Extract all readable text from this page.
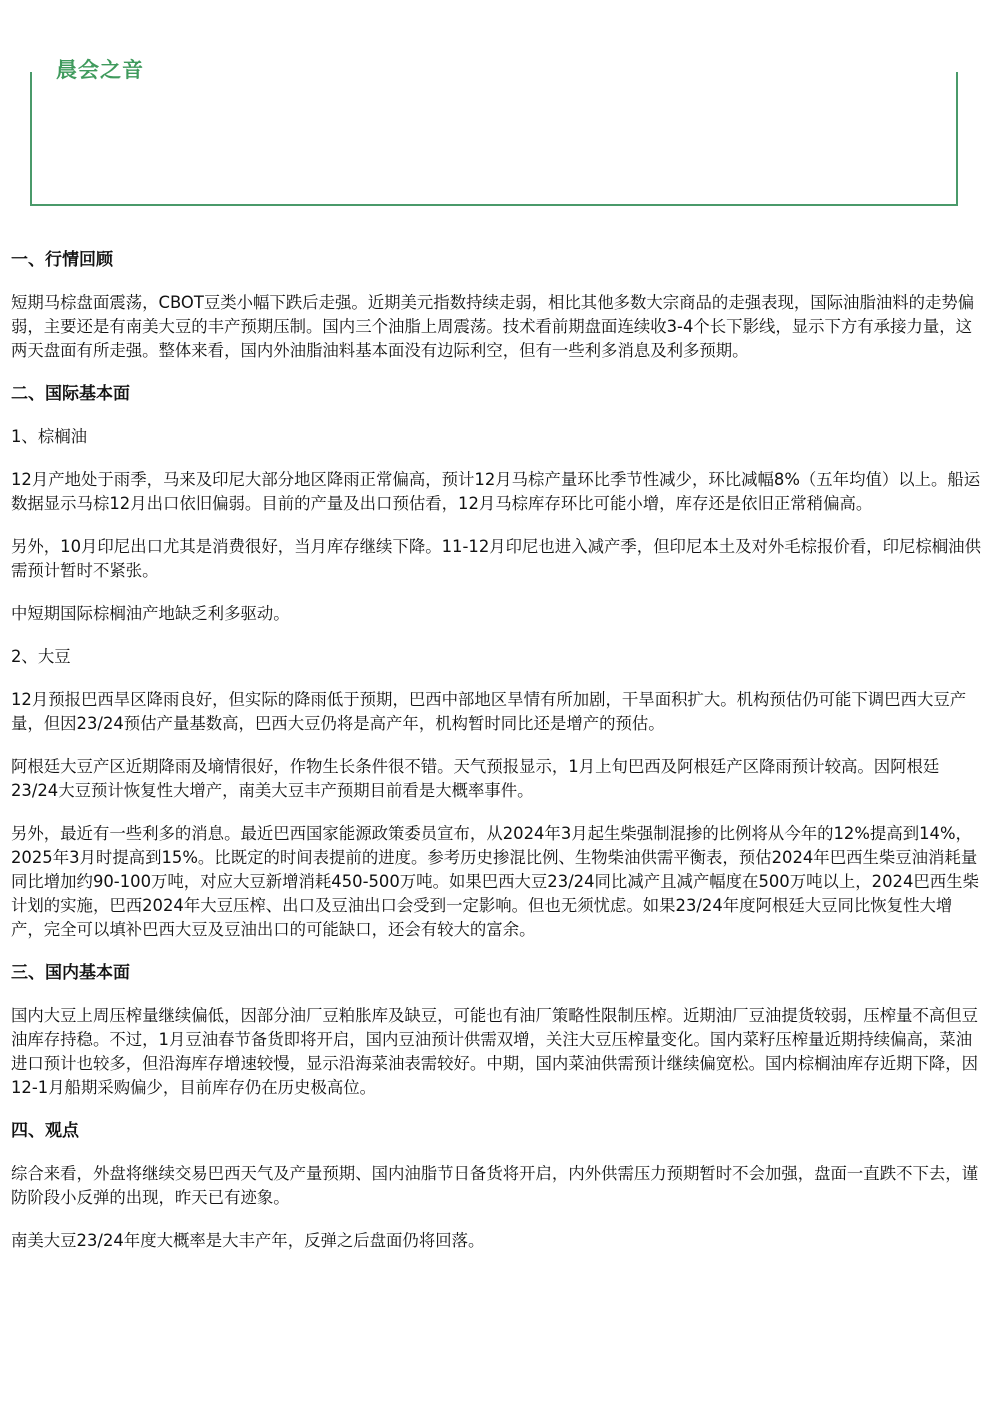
晨会之音
一、行情回顾

短期马棕盘面震荡，CBOT豆类小幅下跌后走强。近期美元指数持续走弱，相比其他多数大宗商品的走强表现，国际油脂油料的走势偏弱，主要还是有南美大豆的丰产预期压制。国内三个油脂上周震荡。技术看前期盘面连续收3-4个长下影线，显示下方有承接力量，这两天盘面有所走强。整体来看，国内外油脂油料基本面没有边际利空，但有一些利多消息及利多预期。

二、国际基本面

1、棕榈油

12月产地处于雨季，马来及印尼大部分地区降雨正常偏高，预计12月马棕产量环比季节性减少，环比减幅8%（五年均值）以上。船运数据显示马棕12月出口依旧偏弱。目前的产量及出口预估看，12月马棕库存环比可能小增，库存还是依旧正常稍偏高。

另外，10月印尼出口尤其是消费很好，当月库存继续下降。11-12月印尼也进入减产季，但印尼本土及对外毛棕报价看，印尼棕榈油供需预计暂时不紧张。

中短期国际棕榈油产地缺乏利多驱动。

2、大豆

12月预报巴西旱区降雨良好，但实际的降雨低于预期，巴西中部地区旱情有所加剧，干旱面积扩大。机构预估仍可能下调巴西大豆产量，但因23/24预估产量基数高，巴西大豆仍将是高产年，机构暂时同比还是增产的预估。

阿根廷大豆产区近期降雨及墒情很好，作物生长条件很不错。天气预报显示，1月上旬巴西及阿根廷产区降雨预计较高。因阿根廷23/24大豆预计恢复性大增产，南美大豆丰产预期目前看是大概率事件。

另外，最近有一些利多的消息。最近巴西国家能源政策委员宣布，从2024年3月起生柴强制混掺的比例将从今年的12%提高到14%，2025年3月时提高到15%。比既定的时间表提前的进度。参考历史掺混比例、生物柴油供需平衡表，预估2024年巴西生柴豆油消耗量同比增加约90-100万吨，对应大豆新增消耗450-500万吨。如果巴西大豆23/24同比减产且减产幅度在500万吨以上，2024巴西生柴计划的实施，巴西2024年大豆压榨、出口及豆油出口会受到一定影响。但也无须忧虑。如果23/24年度阿根廷大豆同比恢复性大增产，完全可以填补巴西大豆及豆油出口的可能缺口，还会有较大的富余。

三、国内基本面

国内大豆上周压榨量继续偏低，因部分油厂豆粕胀库及缺豆，可能也有油厂策略性限制压榨。近期油厂豆油提货较弱，压榨量不高但豆油库存持稳。不过，1月豆油春节备货即将开启，国内豆油预计供需双增，关注大豆压榨量变化。国内菜籽压榨量近期持续偏高，菜油进口预计也较多，但沿海库存增速较慢，显示沿海菜油表需较好。中期，国内菜油供需预计继续偏宽松。国内棕榈油库存近期下降，因12-1月船期采购偏少，目前库存仍在历史极高位。

四、观点

综合来看，外盘将继续交易巴西天气及产量预期、国内油脂节日备货将开启，内外供需压力预期暂时不会加强，盘面一直跌不下去，谨防阶段小反弹的出现，昨天已有迹象。

南美大豆23/24年度大概率是大丰产年，反弹之后盘面仍将回落。
